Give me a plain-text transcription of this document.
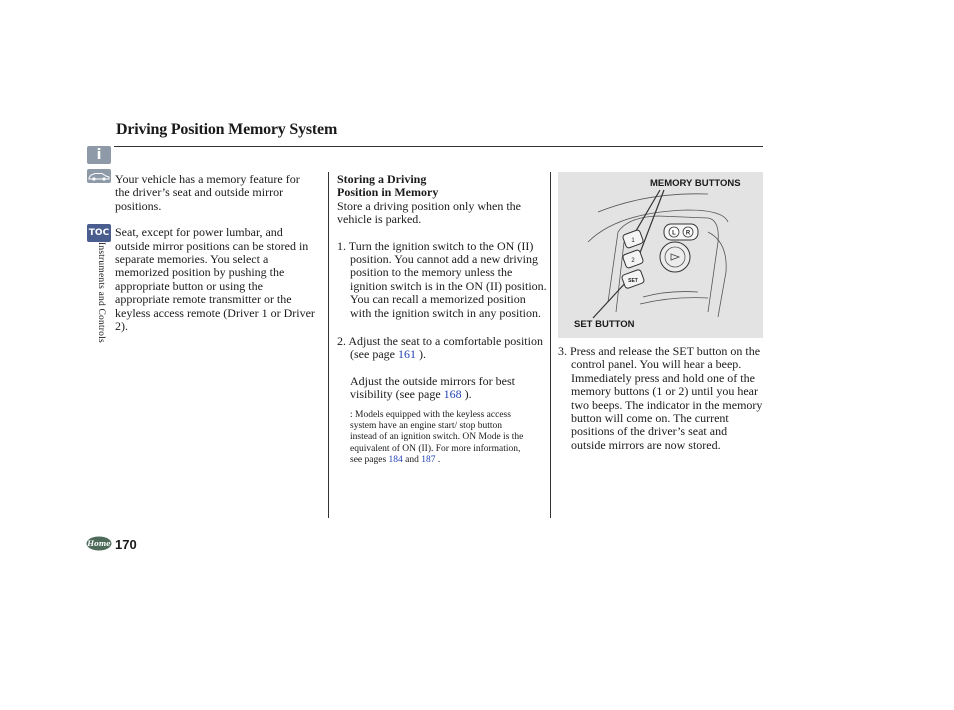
Driving Position Memory System
i
TOC
Instruments and Controls
Home 170

Your vehicle has a memory feature for the driver’s seat and outside mirror positions.

Seat, except for power lumbar, and outside mirror positions can be stored in separate memories. You select a memorized position by pushing the appropriate button or using the appropriate remote transmitter or the keyless access remote (Driver 1 or Driver 2).

Storing a Driving

Position in Memory

Store a driving position only when the vehicle is parked.

1. Turn the ignition switch to the ON (II) position. You cannot add a new driving position to the memory unless the ignition switch is in the ON (II) position. You can recall a memorized position with the ignition switch in any position.

2. Adjust the seat to a comfortable position (see page 161 ).

Adjust the outside mirrors for best visibility (see page 168 ).

: Models equipped with the keyless access system have an engine start/ stop button instead of an ignition switch. ON Mode is the equivalent of ON (II). For more information, see pages 184 and 187 .

MEMORY BUTTONS
SET BUTTON
1
2
SET
L R

3. Press and release the SET button on the control panel. You will hear a beep. Immediately press and hold one of the memory buttons (1 or 2) until you hear two beeps. The indicator in the memory button will come on. The current positions of the driver’s seat and outside mirrors are now stored.
